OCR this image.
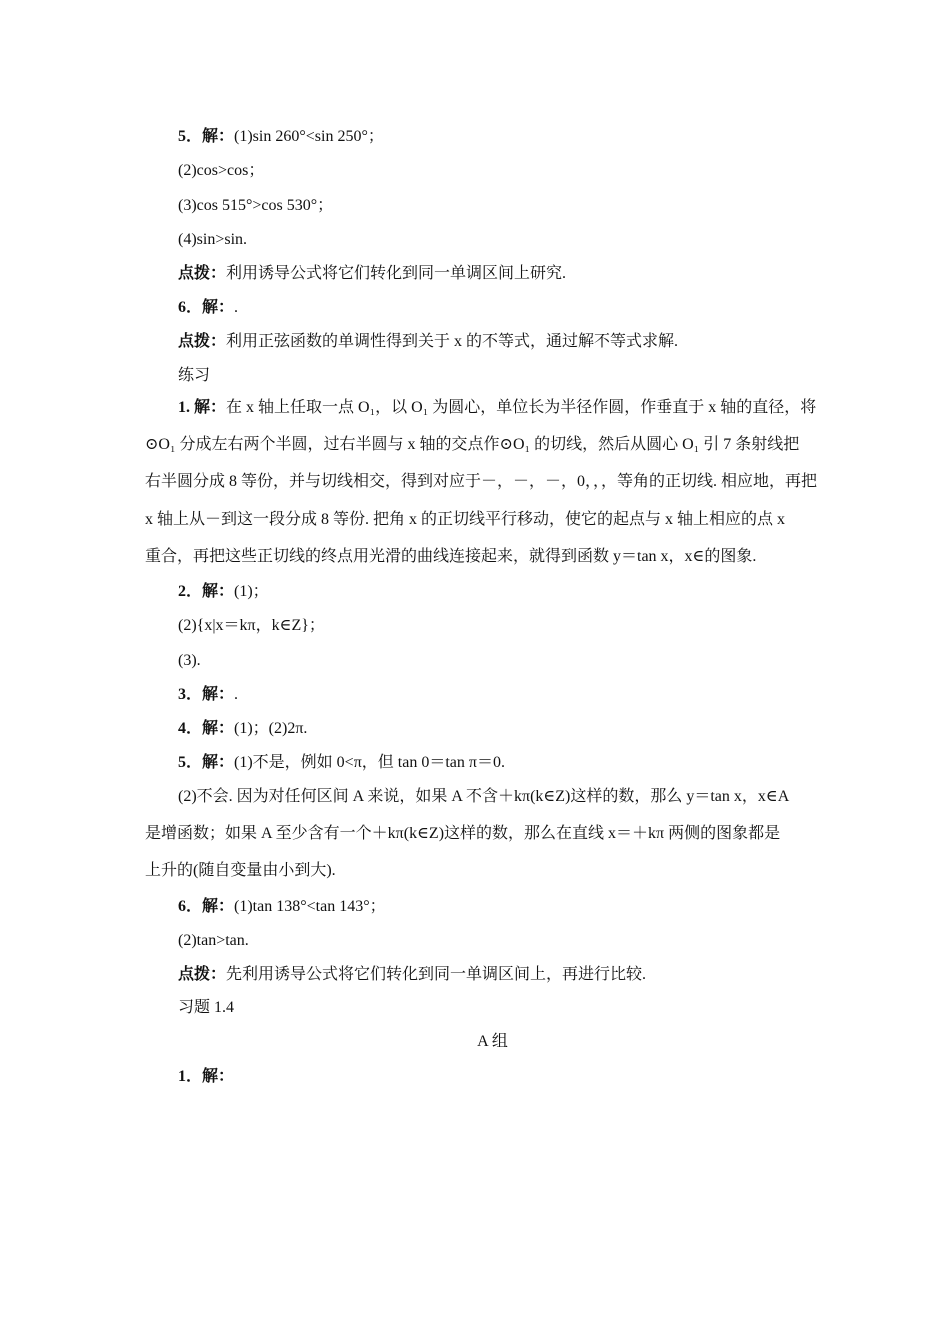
5．解：(1)sin 260°<sin 250°；
(2)cos>cos；
(3)cos 515°>cos 530°；
(4)sin>sin.
点拨：利用诱导公式将它们转化到同一单调区间上研究.
6．解：.
点拨：利用正弦函数的单调性得到关于 x 的不等式，通过解不等式求解.
练习
1. 解：在 x 轴上任取一点 O₁，以 O₁ 为圆心，单位长为半径作圆，作垂直于 x 轴的直径，将
⊙O₁ 分成左右两个半圆，过右半圆与 x 轴的交点作⊙O₁ 的切线，然后从圆心 O₁ 引 7 条射线把
右半圆分成 8 等份，并与切线相交，得到对应于－，－，－，0，，，等角的正切线. 相应地，再把
x 轴上从－到这一段分成 8 等份. 把角 x 的正切线平行移动，使它的起点与 x 轴上相应的点 x
重合，再把这些正切线的终点用光滑的曲线连接起来，就得到函数 y＝tan x，x∈的图象.
2．解：(1)；
(2){x|x＝kπ，k∈Z}；
(3).
3．解：.
4．解：(1)；(2)2π.
5．解：(1)不是，例如 0<π，但 tan 0＝tan π＝0.
(2)不会. 因为对任何区间 A 来说，如果 A 不含＋kπ(k∈Z)这样的数，那么 y＝tan x，x∈A
是增函数；如果 A 至少含有一个＋kπ(k∈Z)这样的数，那么在直线 x＝＋kπ 两侧的图象都是
上升的(随自变量由小到大).
6．解：(1)tan 138°<tan 143°；
(2)tan>tan.
点拨：先利用诱导公式将它们转化到同一单调区间上，再进行比较.
习题 1.4
A 组
1．解：
